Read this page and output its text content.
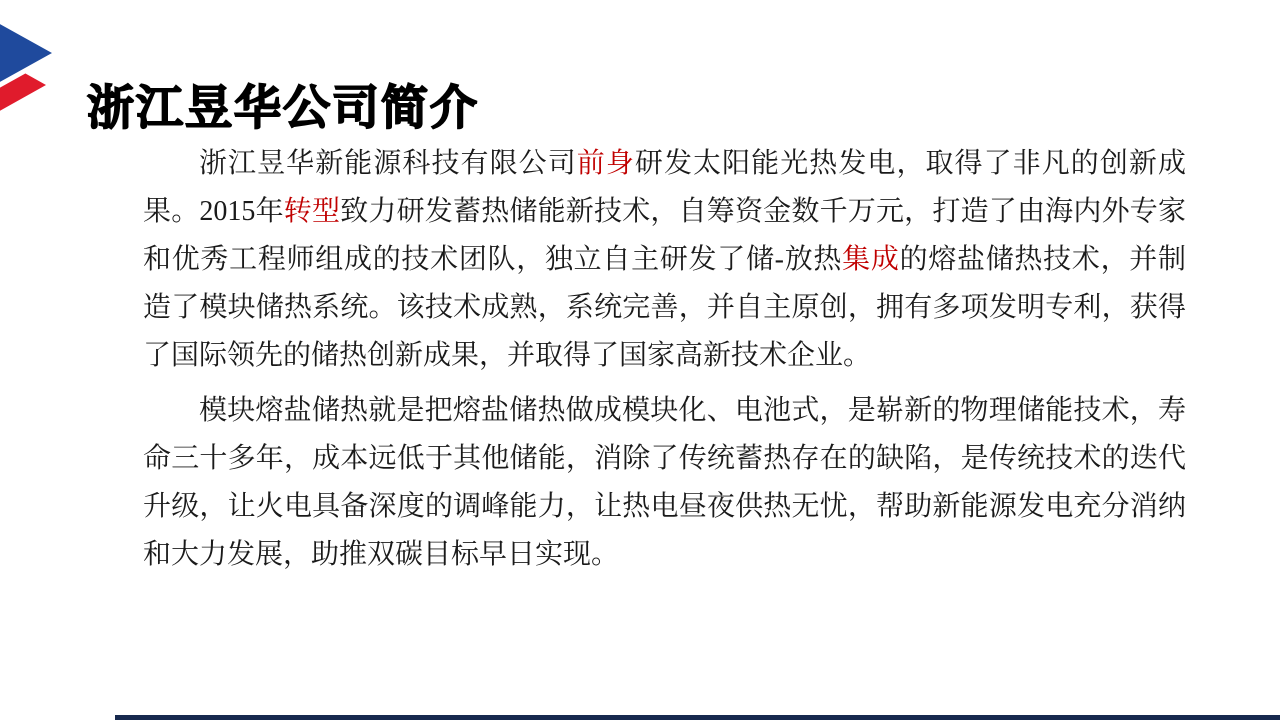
浙江昱华公司简介

浙江昱华新能源科技有限公司前身研发太阳能光热发电，取得了非凡的创新成果。2015年转型致力研发蓄热储能新技术，自筹资金数千万元，打造了由海内外专家和优秀工程师组成的技术团队，独立自主研发了储-放热集成的熔盐储热技术，并制造了模块储热系统。该技术成熟，系统完善，并自主原创，拥有多项发明专利，获得了国际领先的储热创新成果，并取得了国家高新技术企业。

模块熔盐储热就是把熔盐储热做成模块化、电池式，是崭新的物理储能技术，寿命三十多年，成本远低于其他储能，消除了传统蓄热存在的缺陷，是传统技术的迭代升级，让火电具备深度的调峰能力，让热电昼夜供热无忧，帮助新能源发电充分消纳和大力发展，助推双碳目标早日实现。
